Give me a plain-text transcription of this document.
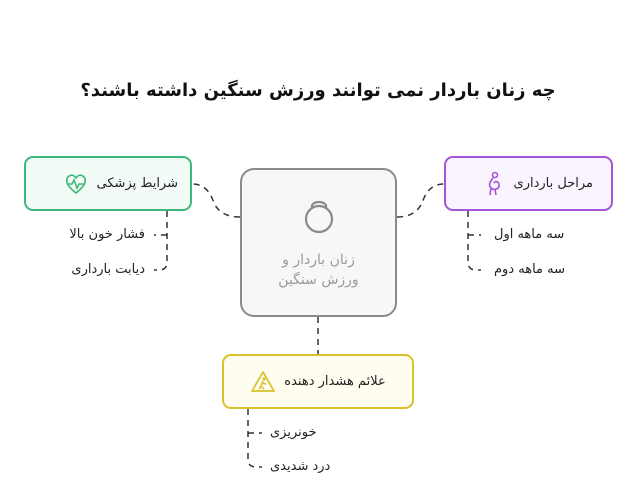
چه زنان باردار نمی توانند ورزش سنگین داشته باشند؟
زنان باردار و
ورزش سنگین
شرایط پزشکی
فشار خون بالا
دیابت بارداری
مراحل بارداری
سه ماهه اول
سه ماهه دوم
علائم هشدار دهنده
خونریزی
درد شدیدی
